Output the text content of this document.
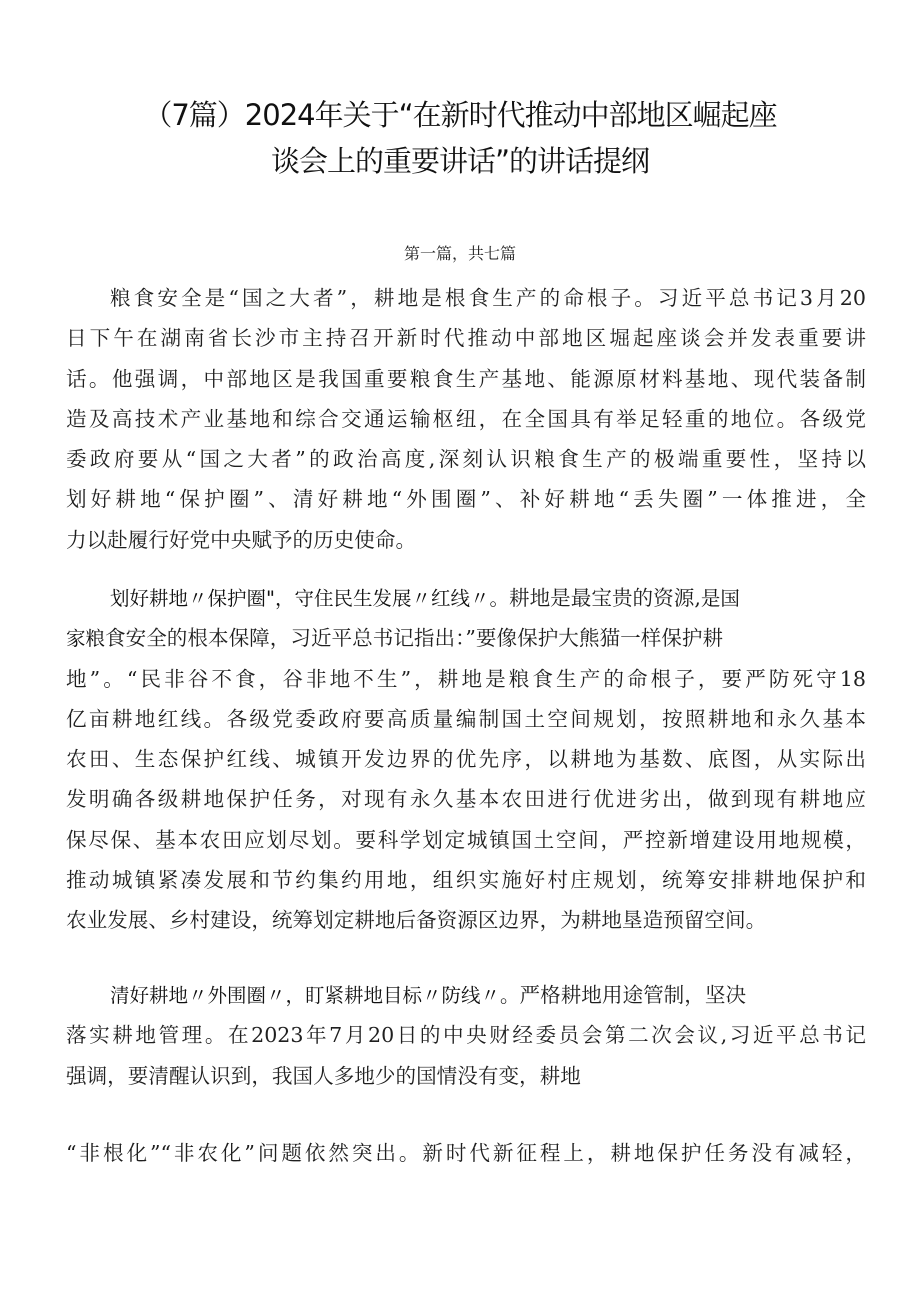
（7篇）2024年关于“在新时代推动中部地区崛起座
谈会上的重要讲话”的讲话提纲
第一篇，共七篇
粮食安全是“国之大者”，耕地是根食生产的命根子。习近平总书记3月20
日下午在湖南省长沙市主持召开新时代推动中部地区堀起座谈会并发表重要讲
话。他强调，中部地区是我国重要粮食生产基地、能源原材料基地、现代装备制
造及高技术产业基地和综合交通运输枢纽，在全国具有举足轻重的地位。各级党
委政府要从“国之大者”的政治高度,深刻认识粮食生产的极端重要性，坚持以
划好耕地“保护圈”、清好耕地“外围圈”、补好耕地“丢失圈”一体推进，全
力以赴履行好党中央赋予的历史使命。
划好耕地〃保护圈"，守住民生发展〃红线〃。耕地是最宝贵的资源,是国
家粮食安全的根本保障，习近平总书记指出：”要像保护大熊猫一样保护耕
地”。“民非谷不食，谷非地不生”，耕地是粮食生产的命根子，要严防死守18
亿亩耕地红线。各级党委政府要高质量编制国土空间规划，按照耕地和永久基本
农田、生态保护红线、城镇开发边界的优先序，以耕地为基数、底图，从实际出
发明确各级耕地保护任务，对现有永久基本农田进行优进劣出，做到现有耕地应
保尽保、基本农田应划尽划。要科学划定城镇国土空间，严控新增建设用地规模，
推动城镇紧凑发展和节约集约用地，组织实施好村庄规划，统筹安排耕地保护和
农业发展、乡村建设，统筹划定耕地后备资源区边界，为耕地垦造预留空间。
清好耕地〃外围圈〃，盯紧耕地目标〃防线〃。严格耕地用途管制，坚决
落实耕地管理。在2023年7月20日的中央财经委员会第二次会议,习近平总书记
强调，要清醒认识到，我国人多地少的国情没有变，耕地
“非根化”“非农化”问题依然突出。新时代新征程上，耕地保护任务没有减轻，
